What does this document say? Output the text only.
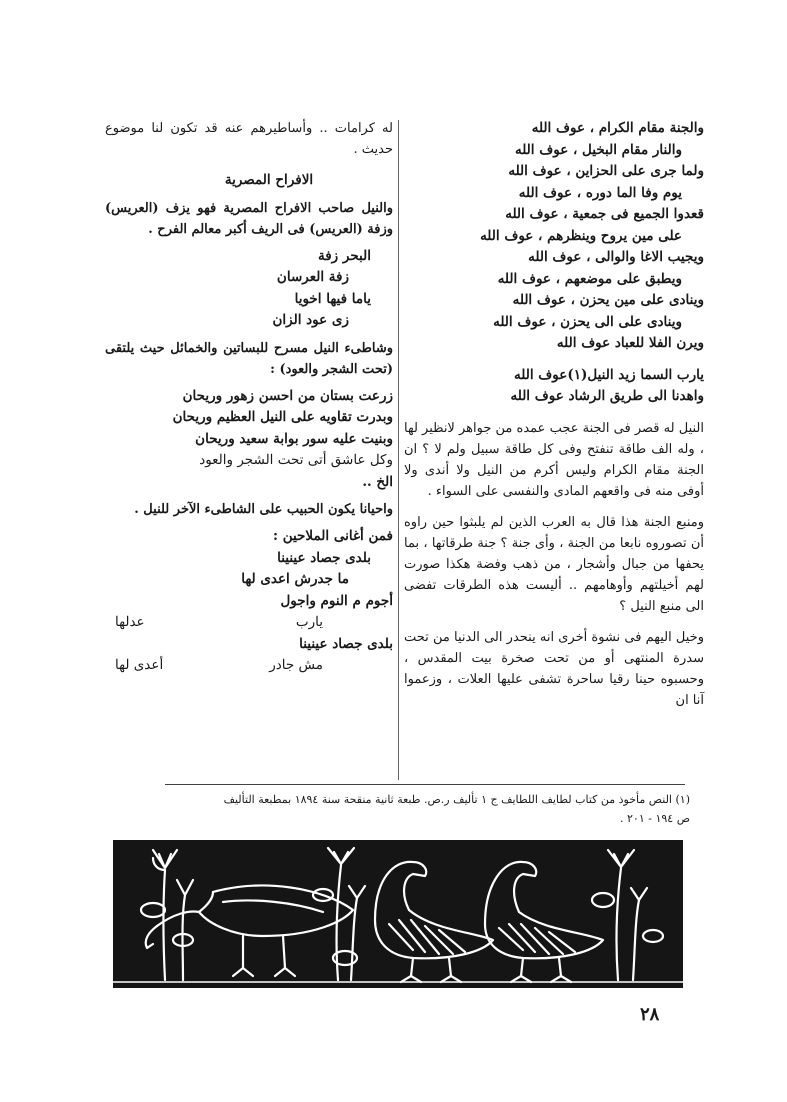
والجنة مقام الكرام ، عوف الله
والنار مقام البخيل ، عوف الله
ولما جرى على الحزاين ، عوف الله
يوم وفا الما دوره ، عوف الله
قعدوا الجميع فى جمعية ، عوف الله
على مين يروح وينظرهم ، عوف الله
ويجيب الاغا والوالى ، عوف الله
ويطبق على موضعهم ، عوف الله
وينادى على مين يحزن ، عوف الله
وينادى على الى يحزن ، عوف الله
ويرن الفلا للعباد عوف الله
يارب السما زيد النيل(١)عوف الله
واهدنا الى طريق الرشاد عوف الله
النيل له قصر فى الجنة عجب عمده من جواهر لانظير لها ، وله الف طاقة تنفتح وفى كل طاقة سبيل ولم لا ؟ ان الجنة مقام الكرام وليس أكرم من النيل ولا أندى ولا أوفى منه فى واقعهم المادى والنفسى على السواء .
ومنبع الجنة هذا قال به العرب الذين لم يلبثوا حين راوه أن تصوروه نابعا من الجنة ، وأى جنة ؟ جنة طرقاتها ، بما يحفها من جبال وأشجار ، من ذهب وفضة هكذا صورت لهم أخيلتهم وأوهامهم .. أليست هذه الطرقات تفضى الى منبع النيل ؟
وخيل اليهم فى نشوة أخرى انه ينحدر الى الدنيا من تحت سدرة المنتهى أو من تحت صخرة بيت المقدس ، وحسبوه حينا رقيا ساحرة تشفى عليها العلات ، وزعموا آنا ان
له كرامات .. وأساطيرهم عنه قد تكون لنا موضوع حديث .
الافراح المصرية
والنيل صاحب الافراح المصرية فهو يزف (العريس) وزفة (العريس) فى الريف أكبر معالم الفرح .
البحر زفة
زفة العرسان
ياما فيها اخويا
زى عود الزان
وشاطىء النيل مسرح للبساتين والخمائل حيث يلتقى (تحت الشجر والعود) :
زرعت بستان من احسن زهور وريحان
وبدرت تقاويه على النيل العظيم وريحان
وبنيت عليه سور بوابة سعيد وريحان
وكل عاشق أتى تحت الشجر والعود
الخ ..
واحيانا يكون الحبيب على الشاطىء الآخر للنيل .
فمن أغانى الملاحين :
بلدى جصاد عينينا
ما جدرش اعدى لها
أجوم م النوم واجول
يارب
عدلها
بلدى جصاد عينينا
مش جادر
أعدى لها
(١) النص مأخوذ من كتاب لطايف اللطايف ج ١ تأليف ر.ص. طبعة ثانية منقحة سنة ١٨٩٤ بمطبعة التأليف
ص ١٩٤ - ٢٠١ .
٢٨
